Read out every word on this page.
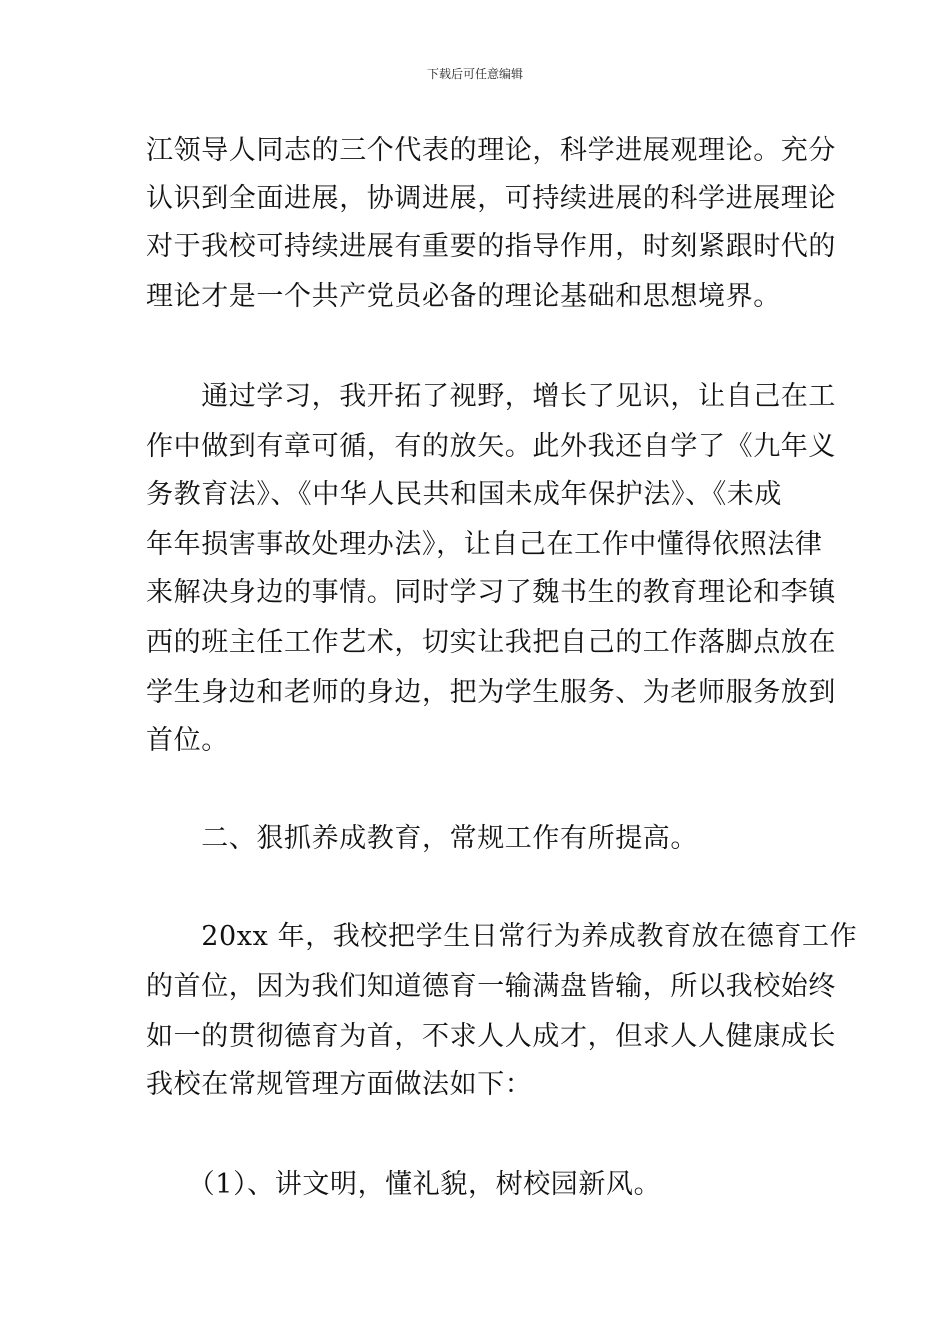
下载后可任意编辑
江领导人同志的三个代表的理论，科学进展观理论。充分
认识到全面进展，协调进展，可持续进展的科学进展理论
对于我校可持续进展有重要的指导作用，时刻紧跟时代的
理论才是一个共产党员必备的理论基础和思想境界。
　　通过学习，我开拓了视野，增长了见识，让自己在工
作中做到有章可循，有的放矢。此外我还自学了《九年义
务教育法》、《中华人民共和国未成年保护法》、《未成
年年损害事故处理办法》，让自己在工作中懂得依照法律
来解决身边的事情。同时学习了魏书生的教育理论和李镇
西的班主任工作艺术，切实让我把自己的工作落脚点放在
学生身边和老师的身边，把为学生服务、为老师服务放到
首位。
　　二、狠抓养成教育，常规工作有所提高。
　　20xx 年，我校把学生日常行为养成教育放在德育工作
的首位，因为我们知道德育一输满盘皆输，所以我校始终
如一的贯彻德育为首，不求人人成才，但求人人健康成长
我校在常规管理方面做法如下：
　　（1）、讲文明，懂礼貌，树校园新风。
